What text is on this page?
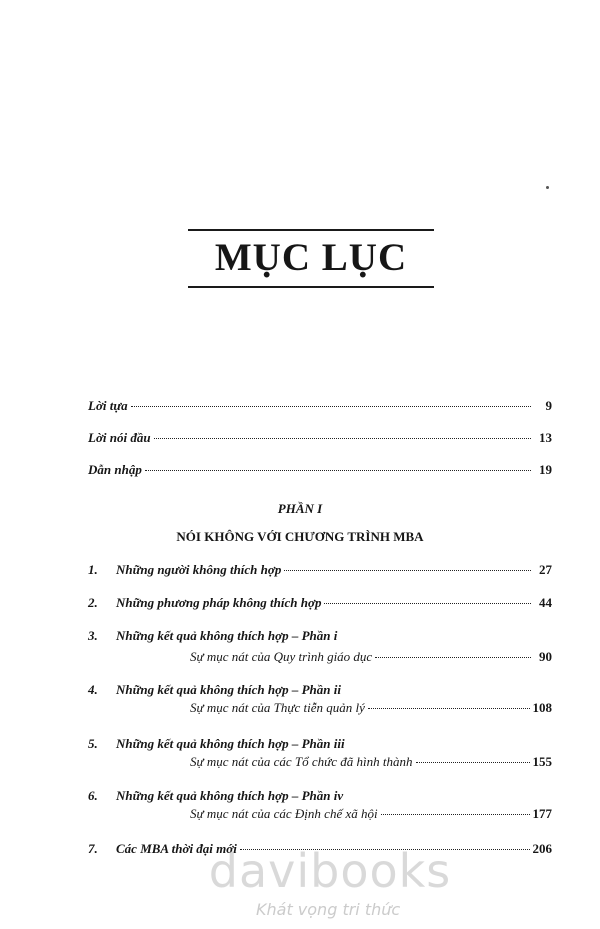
MỤC LỤC
Lời tựa	9
Lời nói đầu	13
Dẫn nhập	19
PHẦN I
NÓI KHÔNG VỚI CHƯƠNG TRÌNH MBA
1.	Những người không thích hợp	27
2.	Những phương pháp không thích hợp	44
3. Những kết quả không thích hợp – Phần i
Sự mục nát của Quy trình giáo dục	90
4. Những kết quả không thích hợp – Phần ii
Sự mục nát của Thực tiễn quản lý	108
5. Những kết quả không thích hợp – Phần iii
Sự mục nát của các Tổ chức đã hình thành	155
6. Những kết quả không thích hợp – Phần iv
Sự mục nát của các Định chế xã hội	177
7.	Các MBA thời đại mới	206
davibooks
Khát vọng tri thức
